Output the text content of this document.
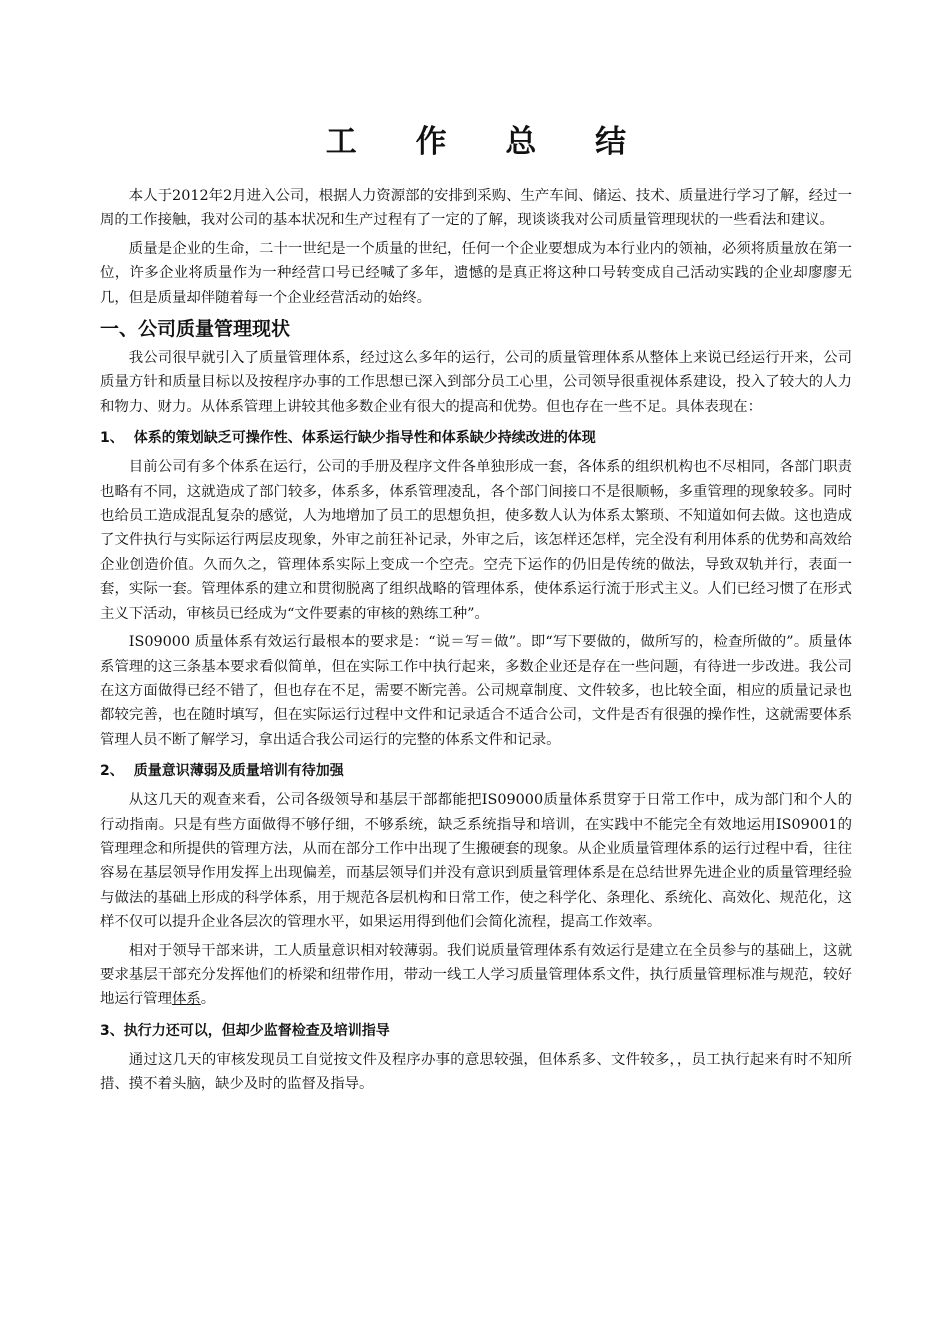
工 作 总 结

本人于2012年2月进入公司，根据人力资源部的安排到采购、生产车间、储运、技术、质量进行学习了解，经过一周的工作接触，我对公司的基本状况和生产过程有了一定的了解，现谈谈我对公司质量管理现状的一些看法和建议。

质量是企业的生命，二十一世纪是一个质量的世纪，任何一个企业要想成为本行业内的领袖，必须将质量放在第一位，许多企业将质量作为一种经营口号已经喊了多年，遗憾的是真正将这种口号转变成自己活动实践的企业却廖廖无几，但是质量却伴随着每一个企业经营活动的始终。

一、公司质量管理现状

我公司很早就引入了质量管理体系，经过这么多年的运行，公司的质量管理体系从整体上来说已经运行开来，公司质量方针和质量目标以及按程序办事的工作思想已深入到部分员工心里，公司领导很重视体系建设，投入了较大的人力和物力、财力。从体系管理上讲较其他多数企业有很大的提高和优势。但也存在一些不足。具体表现在：

1、 体系的策划缺乏可操作性、体系运行缺少指导性和体系缺少持续改进的体现

目前公司有多个体系在运行，公司的手册及程序文件各单独形成一套，各体系的组织机构也不尽相同，各部门职责也略有不同，这就造成了部门较多，体系多，体系管理凌乱，各个部门间接口不是很顺畅，多重管理的现象较多。同时也给员工造成混乱复杂的感觉，人为地增加了员工的思想负担，使多数人认为体系太繁琐、不知道如何去做。这也造成了文件执行与实际运行两层皮现象，外审之前狂补记录，外审之后，该怎样还怎样，完全没有利用体系的优势和高效给企业创造价值。久而久之，管理体系实际上变成一个空壳。空壳下运作的仍旧是传统的做法，导致双轨并行，表面一套，实际一套。管理体系的建立和贯彻脱离了组织战略的管理体系，使体系运行流于形式主义。人们已经习惯了在形式主义下活动，审核员已经成为“文件要素的审核的熟练工种”。

IS09000 质量体系有效运行最根本的要求是：“说＝写＝做”。即“写下要做的，做所写的，检查所做的”。质量体系管理的这三条基本要求看似简单，但在实际工作中执行起来，多数企业还是存在一些问题，有待进一步改进。我公司在这方面做得已经不错了，但也存在不足，需要不断完善。公司规章制度、文件较多，也比较全面，相应的质量记录也都较完善，也在随时填写，但在实际运行过程中文件和记录适合不适合公司，文件是否有很强的操作性，这就需要体系管理人员不断了解学习，拿出适合我公司运行的完整的体系文件和记录。

2、 质量意识薄弱及质量培训有待加强

从这几天的观查来看，公司各级领导和基层干部都能把IS09000质量体系贯穿于日常工作中，成为部门和个人的行动指南。只是有些方面做得不够仔细，不够系统，缺乏系统指导和培训，在实践中不能完全有效地运用IS09001的管理理念和所提供的管理方法，从而在部分工作中出现了生搬硬套的现象。从企业质量管理体系的运行过程中看，往往容易在基层领导作用发挥上出现偏差，而基层领导们并没有意识到质量管理体系是在总结世界先进企业的质量管理经验与做法的基础上形成的科学体系，用于规范各层机构和日常工作，使之科学化、条理化、系统化、高效化、规范化，这样不仅可以提升企业各层次的管理水平，如果运用得到他们会简化流程，提高工作效率。

相对于领导干部来讲，工人质量意识相对较薄弱。我们说质量管理体系有效运行是建立在全员参与的基础上，这就要求基层干部充分发挥他们的桥梁和纽带作用，带动一线工人学习质量管理体系文件，执行质量管理标准与规范，较好地运行管理体系。

3、执行力还可以，但却少监督检查及培训指导

通过这几天的审核发现员工自觉按文件及程序办事的意思较强，但体系多、文件较多，，员工执行起来有时不知所措、摸不着头脑，缺少及时的监督及指导。
